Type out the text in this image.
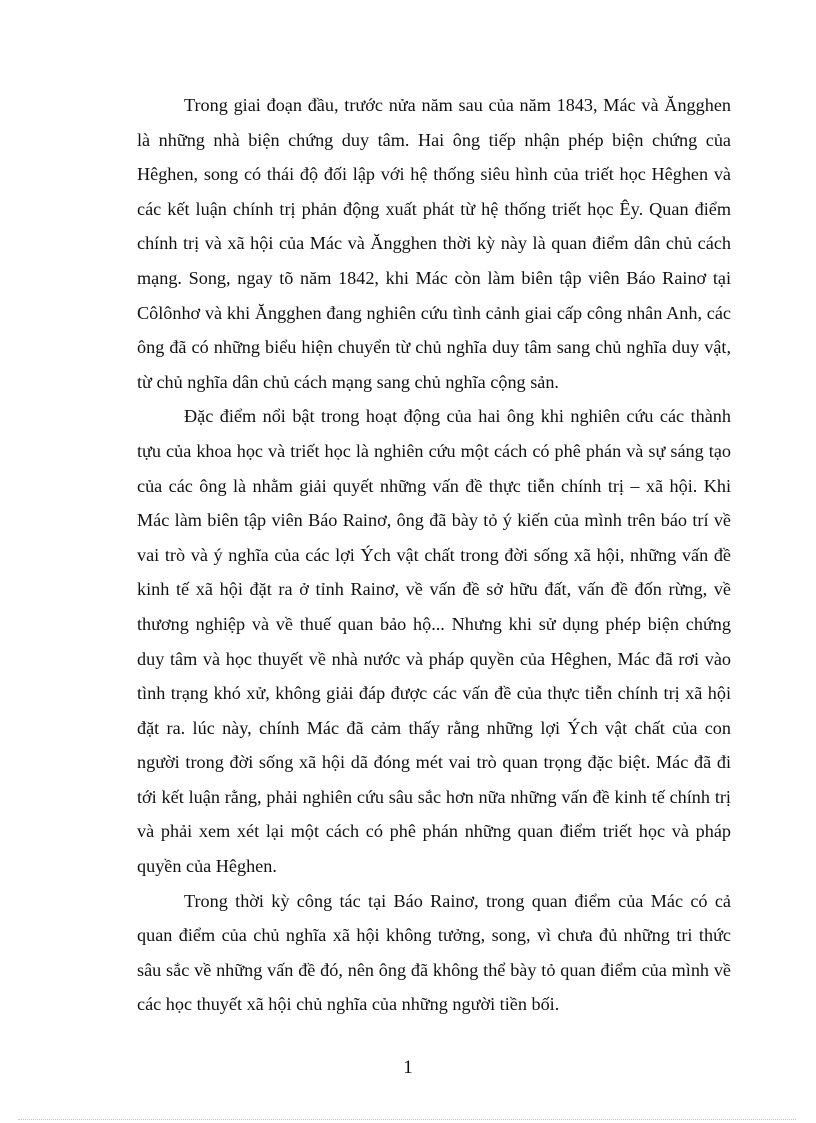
Trong giai đoạn đầu, trước nửa năm sau của năm 1843, Mác và Ăngghen là những nhà biện chứng duy tâm. Hai ông tiếp nhận phép biện chứng của Hêghen, song có thái độ đối lập với hệ thống siêu hình của triết học Hêghen và các kết luận chính trị phản động xuất phát từ hệ thống triết học Êy. Quan điểm chính trị và xã hội của Mác và Ăngghen thời kỳ này là quan điểm dân chủ cách mạng. Song, ngay tõ năm 1842, khi Mác còn làm biên tập viên Báo Rainơ tại Côlônhơ và khi Ăngghen đang nghiên cứu tình cảnh giai cấp công nhân Anh, các ông đã có những biểu hiện chuyển từ chủ nghĩa duy tâm sang chủ nghĩa duy vật, từ chủ nghĩa dân chủ cách mạng sang chủ nghĩa cộng sản.

Đặc điểm nổi bật trong hoạt động của hai ông khi nghiên cứu các thành tựu của khoa học và triết học là nghiên cứu một cách có phê phán và sự sáng tạo của các ông là nhằm giải quyết những vấn đề thực tiễn chính trị – xã hội. Khi Mác làm biên tập viên Báo Rainơ, ông đã bày tỏ ý kiến của mình trên báo trí về vai trò và ý nghĩa của các lợi Ých vật chất trong đời sống xã hội, những vấn đề kinh tế xã hội đặt ra ở tỉnh Rainơ, về vấn đề sở hữu đất, vấn đề đốn rừng, về thương nghiệp và về thuế quan bảo hộ... Nhưng khi sử dụng phép biện chứng duy tâm và học thuyết về nhà nước và pháp quyền của Hêghen, Mác đã rơi vào tình trạng khó xử, không giải đáp được các vấn đề của thực tiễn chính trị xã hội đặt ra. lúc này, chính Mác đã cảm thấy rằng những lợi Ých vật chất của con người trong đời sống xã hội dã đóng mét vai trò quan trọng đặc biệt. Mác đã đi tới kết luận rằng, phải nghiên cứu sâu sắc hơn nữa những vấn đề kinh tế chính trị và phải xem xét lại một cách có phê phán những quan điểm triết học và pháp quyền của Hêghen.

Trong thời kỳ công tác tại Báo Rainơ, trong quan điểm của Mác có cả quan điểm của chủ nghĩa xã hội không tưởng, song, vì chưa đủ những tri thức sâu sắc về những vấn đề đó, nên ông đã không thể bày tỏ quan điểm của mình về các học thuyết xã hội chủ nghĩa của những người tiền bối.

1
